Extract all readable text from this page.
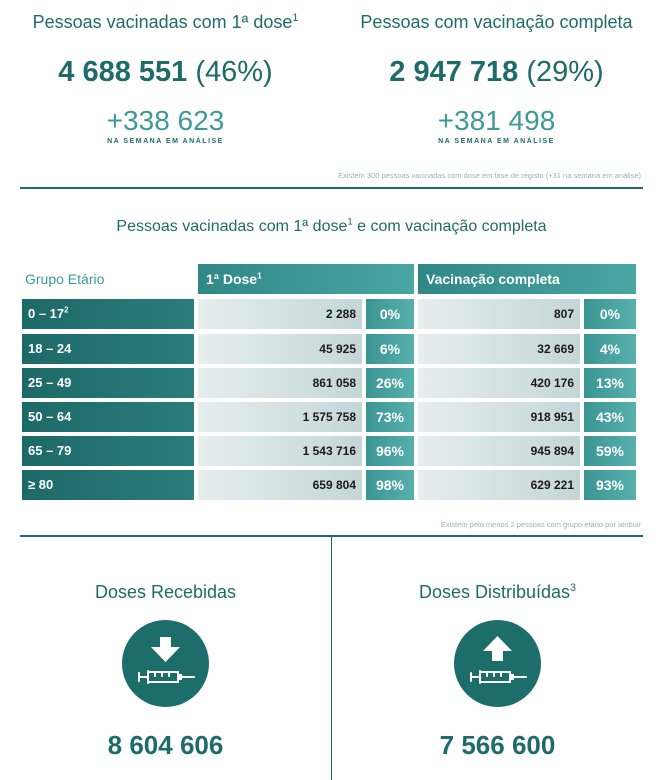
Pessoas vacinadas com 1ª dose$^1$
4 688 551 (46%)
+338 623
NA SEMANA EM ANÁLISE
Pessoas com vacinação completa
2 947 718 (29%)
+381 498
NA SEMANA EM ANÁLISE
Existem 300 pessoas vacinadas com dose em fase de registo (+31 na semana em análise)
Pessoas vacinadas com 1ª dose$^1$ e com vacinação completa
Grupo Etário	1ª Dose$^1$	Vacinação completa
$0 - 17^2$	2 288	0%	807	0%
18 – 24	45 925	6%	32 669	4%
25 – 49	861 058	26%	420 176	13%
50 – 64	1 575 758	73%	918 951	43%
65 – 79	1 543 716	96%	945 894	59%
≥ 80	659 804	98%	629 221	93%
Existem pelo menos 2 pessoas com grupo etário por atribuir
Doses Recebidas
8 604 606
Doses Distribuídas$^3$
7 566 600
